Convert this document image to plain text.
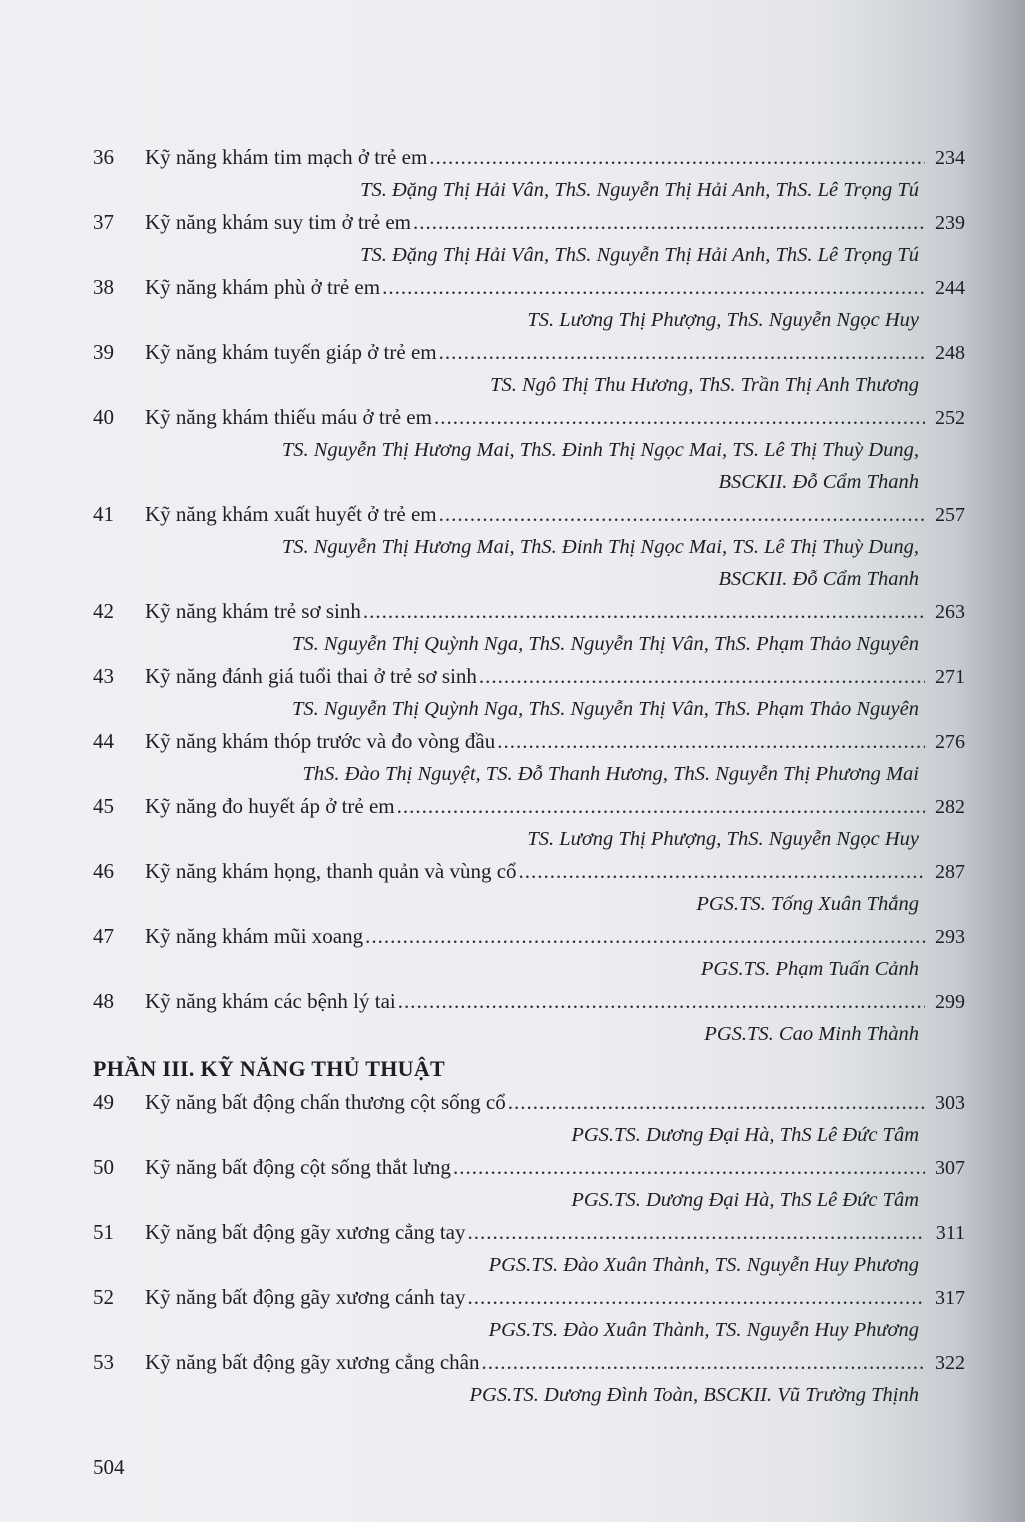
36	Kỹ năng khám tim mạch ở trẻ em .....	234
TS. Đặng Thị Hải Vân, ThS. Nguyễn Thị Hải Anh, ThS. Lê Trọng Tú
37	Kỹ năng khám suy tim ở trẻ em .....	239
TS. Đặng Thị Hải Vân, ThS. Nguyễn Thị Hải Anh, ThS. Lê Trọng Tú
38	Kỹ năng khám phù ở trẻ em .....	244
TS. Lương Thị Phượng, ThS. Nguyễn Ngọc Huy
39	Kỹ năng khám tuyến giáp ở trẻ em .....	248
TS. Ngô Thị Thu Hương, ThS. Trần Thị Anh Thương
40	Kỹ năng khám thiếu máu ở trẻ em .....	252
TS. Nguyễn Thị Hương Mai, ThS. Đinh Thị Ngọc Mai, TS. Lê Thị Thuỳ Dung,
BSCKII. Đỗ Cẩm Thanh
41	Kỹ năng khám xuất huyết ở trẻ em .....	257
TS. Nguyễn Thị Hương Mai, ThS. Đinh Thị Ngọc Mai, TS. Lê Thị Thuỳ Dung,
BSCKII. Đỗ Cẩm Thanh
42	Kỹ năng khám trẻ sơ sinh .....	263
TS. Nguyễn Thị Quỳnh Nga, ThS. Nguyễn Thị Vân, ThS. Phạm Thảo Nguyên
43	Kỹ năng đánh giá tuổi thai ở trẻ sơ sinh .....	271
TS. Nguyễn Thị Quỳnh Nga, ThS. Nguyễn Thị Vân, ThS. Phạm Thảo Nguyên
44	Kỹ năng khám thóp trước và đo vòng đầu .....	276
ThS. Đào Thị Nguyệt, TS. Đỗ Thanh Hương, ThS. Nguyễn Thị Phương Mai
45	Kỹ năng đo huyết áp ở trẻ em .....	282
TS. Lương Thị Phượng, ThS. Nguyễn Ngọc Huy
46	Kỹ năng khám họng, thanh quản và vùng cổ .....	287
PGS.TS. Tống Xuân Thắng
47	Kỹ năng khám mũi xoang .....	293
PGS.TS. Phạm Tuấn Cảnh
48	Kỹ năng khám các bệnh lý tai .....	299
PGS.TS. Cao Minh Thành
PHẦN III. KỸ NĂNG THỦ THUẬT
49	Kỹ năng bất động chấn thương cột sống cổ .....	303
PGS.TS. Dương Đại Hà, ThS Lê Đức Tâm
50	Kỹ năng bất động cột sống thắt lưng .....	307
PGS.TS. Dương Đại Hà, ThS Lê Đức Tâm
51	Kỹ năng bất động gãy xương cẳng tay .....	311
PGS.TS. Đào Xuân Thành, TS. Nguyễn Huy Phương
52	Kỹ năng bất động gãy xương cánh tay .....	317
PGS.TS. Đào Xuân Thành, TS. Nguyễn Huy Phương
53	Kỹ năng bất động gãy xương cẳng chân .....	322
PGS.TS. Dương Đình Toàn, BSCKII. Vũ Trường Thịnh
504
